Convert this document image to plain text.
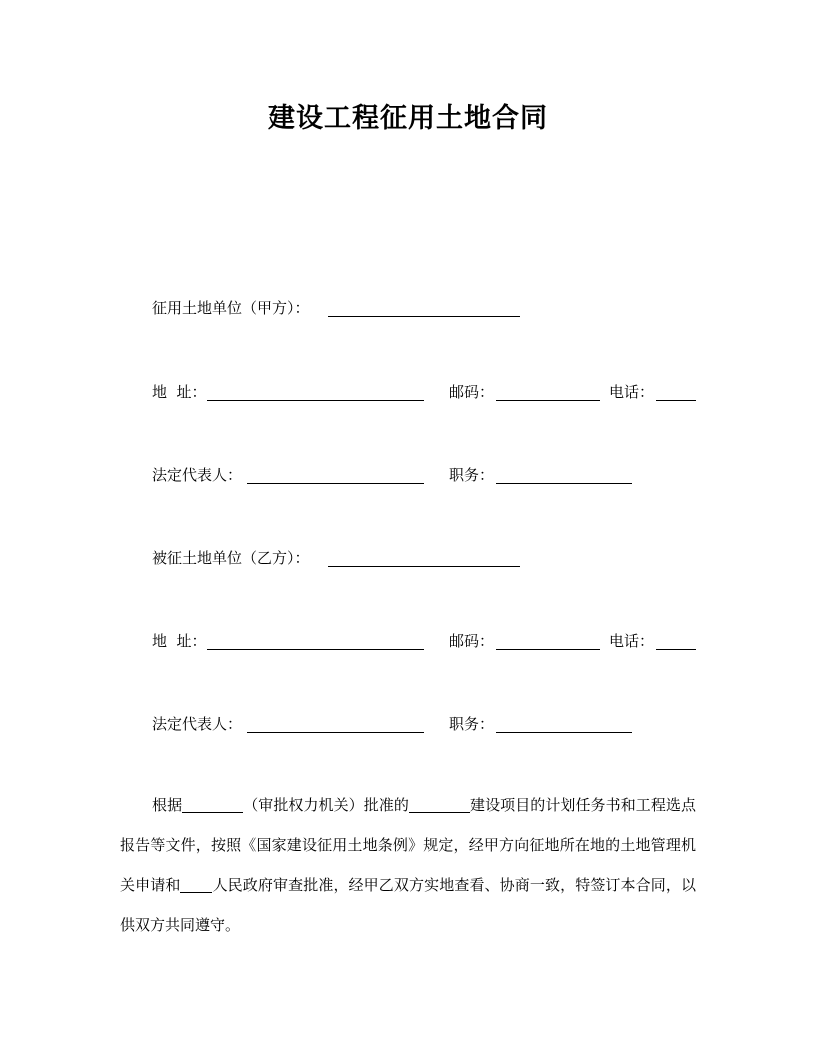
建设工程征用土地合同
征用土地单位（甲方）：
地  址：	邮码：	电话：
法定代表人：	职务：
被征土地单位（乙方）：
地  址：	邮码：	电话：
法定代表人：	职务：

根据	（审批权力机关）批准的	建设项目的计划任务书和工程选点报告等文件，按照《国家建设征用土地条例》规定，经甲方向征地所在地的土地管理机关申请和 人民政府审查批准，经甲乙双方实地查看、协商一致，特签订本合同，以供双方共同遵守。
